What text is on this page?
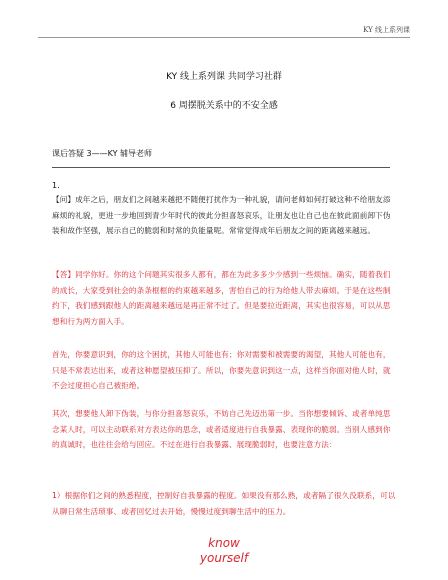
KY 线上系列课
KY 线上系列课 共同学习社群
6 周摆脱关系中的不安全感
课后答疑 3——KY 辅导老师
1.
【问】成年之后，朋友们之间越来越把不随便打扰作为一种礼貌，请问老师如何打破这种不给朋友添麻烦的礼貌，更进一步地回到青少年时代的彼此分担喜怒哀乐，让朋友也让自己也在彼此面前卸下伪装和故作坚强，展示自己的脆弱和时常的负能量呢。常常觉得成年后朋友之间的距离越来越远。
【答】同学你好。你的这个问题其实很多人都有，都在为此多多少少感到一些烦恼。确实，随着我们的成长，大家受到社会的条条框框的约束越来越多，害怕自己的行为给他人带去麻烦。于是在这些制约下，我们感到跟他人的距离越来越远是再正常不过了。但是要拉近距离，其实也很容易，可以从思想和行为两方面入手。
首先，你要意识到，你的这个困扰，其他人可能也有；你对需要和被需要的渴望，其他人可能也有，只是不常表达出来，或者这种愿望被压抑了。所以，你要先意识到这一点，这样当你面对他人时，就不会过度担心自己被拒绝。
其次，想要他人卸下伪装，与你分担喜怒哀乐，不妨自己先迈出第一步。当你想要倾诉、或者单纯思念某人时，可以主动联系对方表达你的思念，或者适度进行自我暴露、表现你的脆弱。当别人感到你的真诚时，也往往会给与回应。不过在进行自我暴露、展现脆弱时，也要注意方法：
1）根据你们之间的熟悉程度，控制好自我暴露的程度。如果没有那么熟，或者隔了很久没联系，可以从聊日常生活琐事、或者回忆过去开始，慢慢过度到聊生活中的压力。
know
yourself
